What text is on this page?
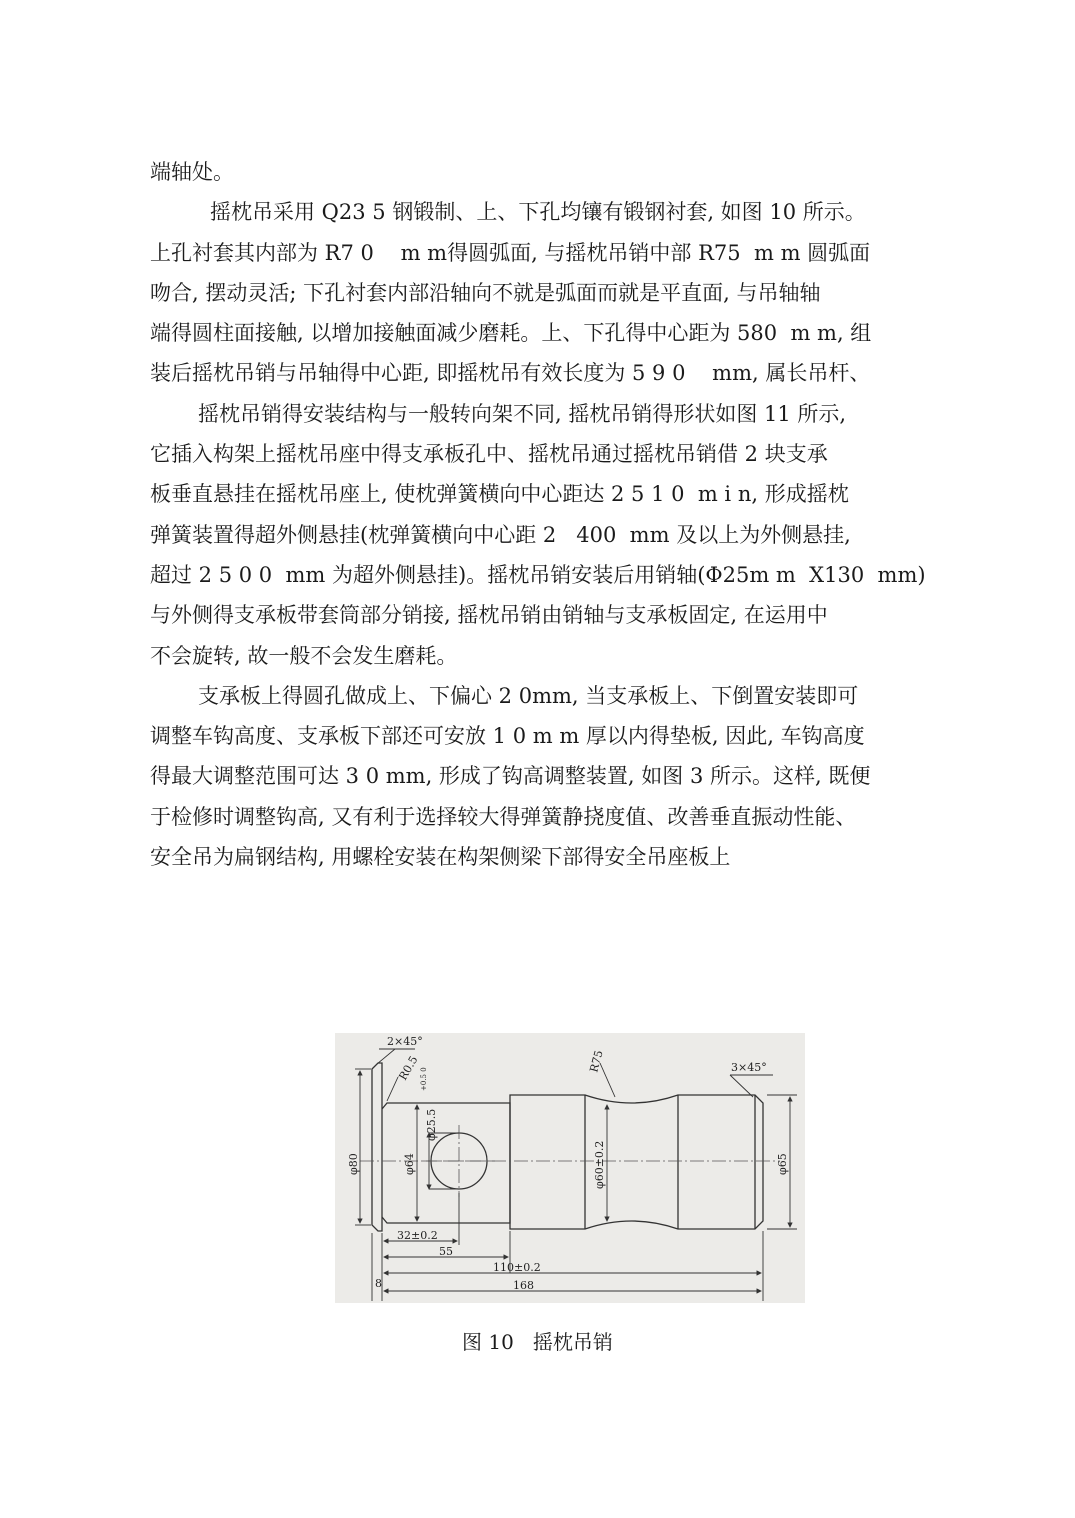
端轴处。
摇枕吊采用 Q23 5 钢锻制、上、下孔均镶有锻钢衬套, 如图 10 所示。
上孔衬套其内部为 R7 0    m m得圆弧面, 与摇枕吊销中部 R75  m m 圆弧面
吻合, 摆动灵活; 下孔衬套内部沿轴向不就是弧面而就是平直面, 与吊轴轴
端得圆柱面接触, 以增加接触面减少磨耗。上、下孔得中心距为 580  m m, 组
装后摇枕吊销与吊轴得中心距, 即摇枕吊有效长度为 5 9 0    mm, 属长吊杆、
摇枕吊销得安装结构与一般转向架不同, 摇枕吊销得形状如图 11 所示,
它插入构架上摇枕吊座中得支承板孔中、摇枕吊通过摇枕吊销借 2 块支承
板垂直悬挂在摇枕吊座上, 使枕弹簧横向中心距达 2 5 1 0  m i n, 形成摇枕
弹簧装置得超外侧悬挂(枕弹簧横向中心距 2   400  mm 及以上为外侧悬挂,
超过 2 5 0 0  mm 为超外侧悬挂)。摇枕吊销安装后用销轴(Φ25m m  X130  mm)
与外侧得支承板带套筒部分销接, 摇枕吊销由销轴与支承板固定, 在运用中
不会旋转, 故一般不会发生磨耗。
支承板上得圆孔做成上、下偏心 2 0mm, 当支承板上、下倒置安装即可
调整车钩高度、支承板下部还可安放 1 0 m m 厚以内得垫板, 因此, 车钩高度
得最大调整范围可达 3 0 mm, 形成了钩高调整装置, 如图 3 所示。这样, 既便
于检修时调整钩高, 又有利于选择较大得弹簧静挠度值、改善垂直振动性能、
安全吊为扁钢结构, 用螺栓安装在构架侧梁下部得安全吊座板上
2×45°
R0.5	R75	3×45°
φ25.5
+0.5 0
φ80	φ64	φ60±0.2	φ65
32±0.2
55
110±0.2
168
8
图 10   摇枕吊销
